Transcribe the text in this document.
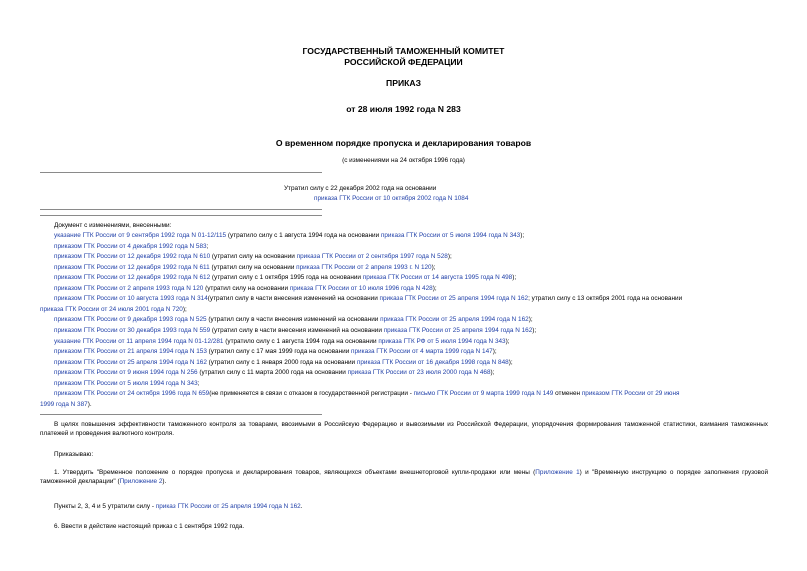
ГОСУДАРСТВЕННЫЙ ТАМОЖЕННЫЙ КОМИТЕТ
РОССИЙСКОЙ ФЕДЕРАЦИИ
ПРИКАЗ
от 28 июля 1992 года N 283
О временном порядке пропуска и декларирования товаров
(с изменениями на 24 октября 1996 года)
Утратил силу с 22 декабря 2002 года на основании
приказа ГТК России от 10 октября 2002 года N 1084
Документ с изменениями, внесенными:
указание ГТК России от 9 сентября 1992 года N 01-12/115 (утратило силу с 1 августа 1994 года на основании приказа ГТК России от 5 июля 1994 года N 343);
приказом ГТК России от 4 декабря 1992 года N 583;
приказом ГТК России от 12 декабря 1992 года N 610 (утратил силу на основании приказа ГТК России от 2 сентября 1997 года N 528);
приказом ГТК России от 12 декабря 1992 года N 611 (утратил силу на основании приказа ГТК России от 2 апреля 1993 г. N 120);
приказом ГТК России от 12 декабря 1992 года N 612 (утратил силу с 1 октября 1995 года на основании приказа ГТК России от 14 августа 1995 года N 498);
приказом ГТК России от 2 апреля 1993 года N 120 (утратил силу на основании приказа ГТК России от 10 июля 1996 года N 428);
приказом ГТК России от 10 августа 1993 года N 314(утратил силу в части внесения изменений на основании приказа ГТК России от 25 апреля 1994 года N 162; утратил силу с 13 октября 2001 года на основании
приказа ГТК России от 24 июля 2001 года N 720);
приказом ГТК России от 9 декабря 1993 года N 525 (утратил силу в части внесения изменений на основании приказа ГТК России от 25 апреля 1994 года N 162);
приказом ГТК России от 30 декабря 1993 года N 559 (утратил силу в части внесения изменений на основании приказа ГТК России от 25 апреля 1994 года N 162);
указание ГТК России от 11 апреля 1994 года N 01-12/281 (утратило силу с 1 августа 1994 года на основании приказа ГТК РФ от 5 июля 1994 года N 343);
приказом ГТК России от 21 апреля 1994 года N 153 (утратил силу с 17 мая 1999 года на основании приказа ГТК России от 4 марта 1999 года N 147);
приказом ГТК России от 25 апреля 1994 года N 162 (утратил силу с 1 января 2000 года на основании приказа ГТК России от 16 декабря 1998 года N 848);
приказом ГТК России от 9 июня 1994 года N 256 (утратил силу с 11 марта 2000 года на основании приказа ГТК России от 23 июля 2000 года N 468);
приказом ГТК России от 5 июля 1994 года N 343;
приказом ГТК России от 24 октября 1996 года N 659(не применяется в связи с отказом в государственной регистрации - письмо ГТК России от 9 марта 1999 года N 149 отменен приказом ГТК России от 29 июня
1999 года N 387).
В целях повышения эффективности таможенного контроля за товарами, ввозимыми в Российскую Федерацию и вывозимыми из Российской Федерации, упорядочения формирования таможенной статистики, взимания таможенных платежей и проведения валютного контроля.
Приказываю:
1. Утвердить "Временное положение о порядке пропуска и декларирования товаров, являющихся объектами внешнеторговой купли-продажи или мены (Приложение 1) и "Временную инструкцию о порядке заполнения грузовой таможенной декларации" (Приложение 2).
Пункты 2, 3, 4 и 5 утратили силу - приказ ГТК России от 25 апреля 1994 года N 162.
6. Ввести в действие настоящий приказ с 1 сентября 1992 года.
